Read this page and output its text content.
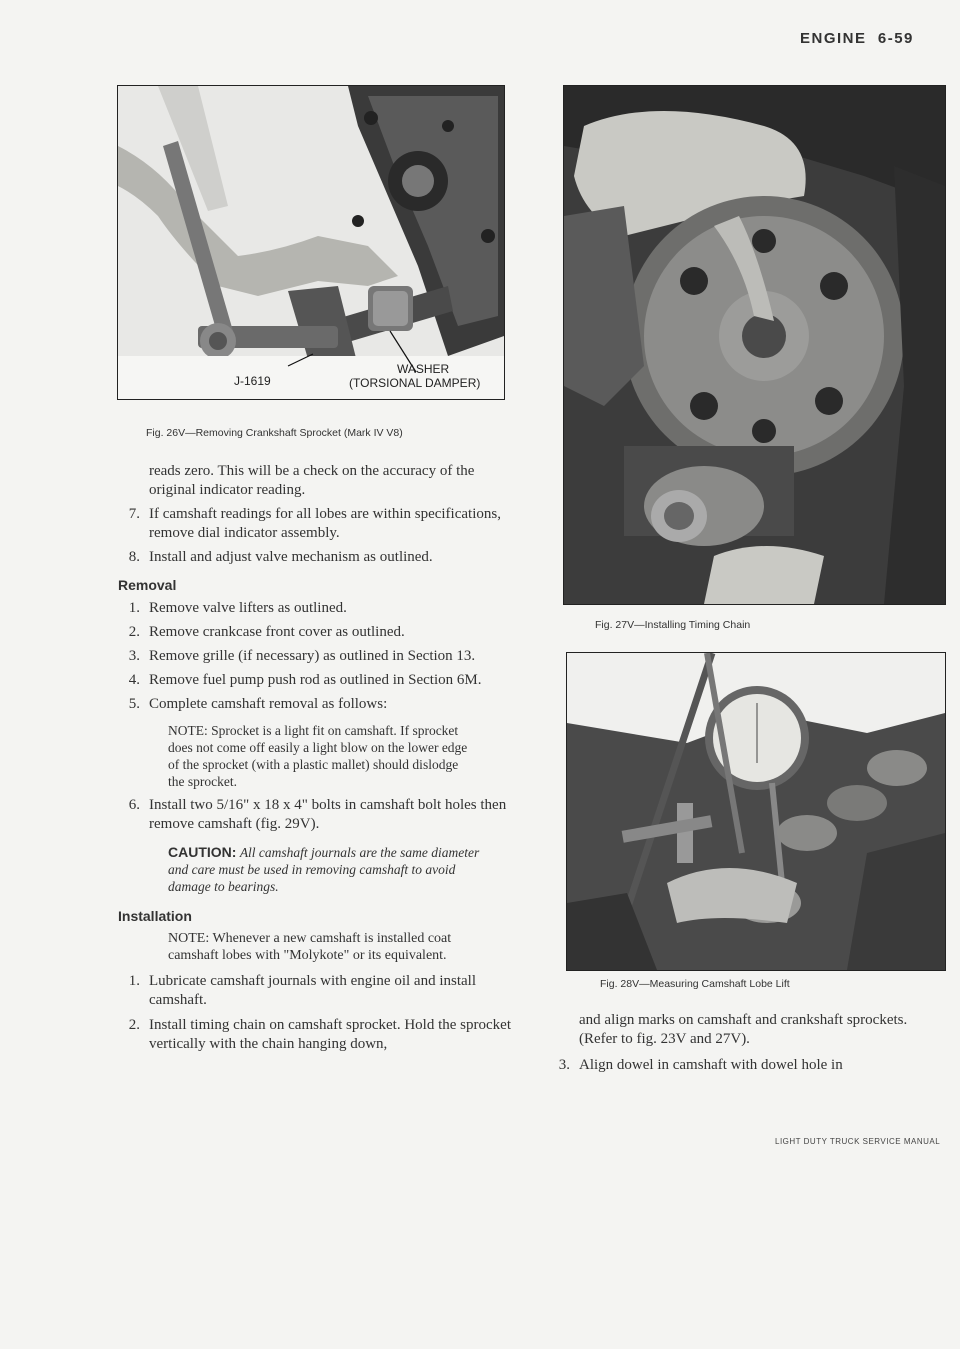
ENGINE 6-59
J-1619
WASHER
(TORSIONAL DAMPER)
Fig. 26V—Removing Crankshaft Sprocket (Mark IV V8)
Fig. 27V—Installing Timing Chain
Fig. 28V—Measuring Camshaft Lobe Lift
reads zero. This will be a check on the accuracy of the original indicator reading.
7. If camshaft readings for all lobes are within specifications, remove dial indicator assembly.
8. Install and adjust valve mechanism as outlined.
Removal
1. Remove valve lifters as outlined.
2. Remove crankcase front cover as outlined.
3. Remove grille (if necessary) as outlined in Section 13.
4. Remove fuel pump push rod as outlined in Section 6M.
5. Complete camshaft removal as follows:
NOTE: Sprocket is a light fit on camshaft. If sprocket does not come off easily a light blow on the lower edge of the sprocket (with a plastic mallet) should dislodge the sprocket.
6. Install two 5/16" x 18 x 4" bolts in camshaft bolt holes then remove camshaft (fig. 29V).
CAUTION: All camshaft journals are the same diameter and care must be used in removing camshaft to avoid damage to bearings.
Installation
NOTE: Whenever a new camshaft is installed coat camshaft lobes with "Molykote" or its equivalent.
1. Lubricate camshaft journals with engine oil and install camshaft.
2. Install timing chain on camshaft sprocket. Hold the sprocket vertically with the chain hanging down,
and align marks on camshaft and crankshaft sprockets. (Refer to fig. 23V and 27V).
3. Align dowel in camshaft with dowel hole in
LIGHT DUTY TRUCK SERVICE MANUAL
